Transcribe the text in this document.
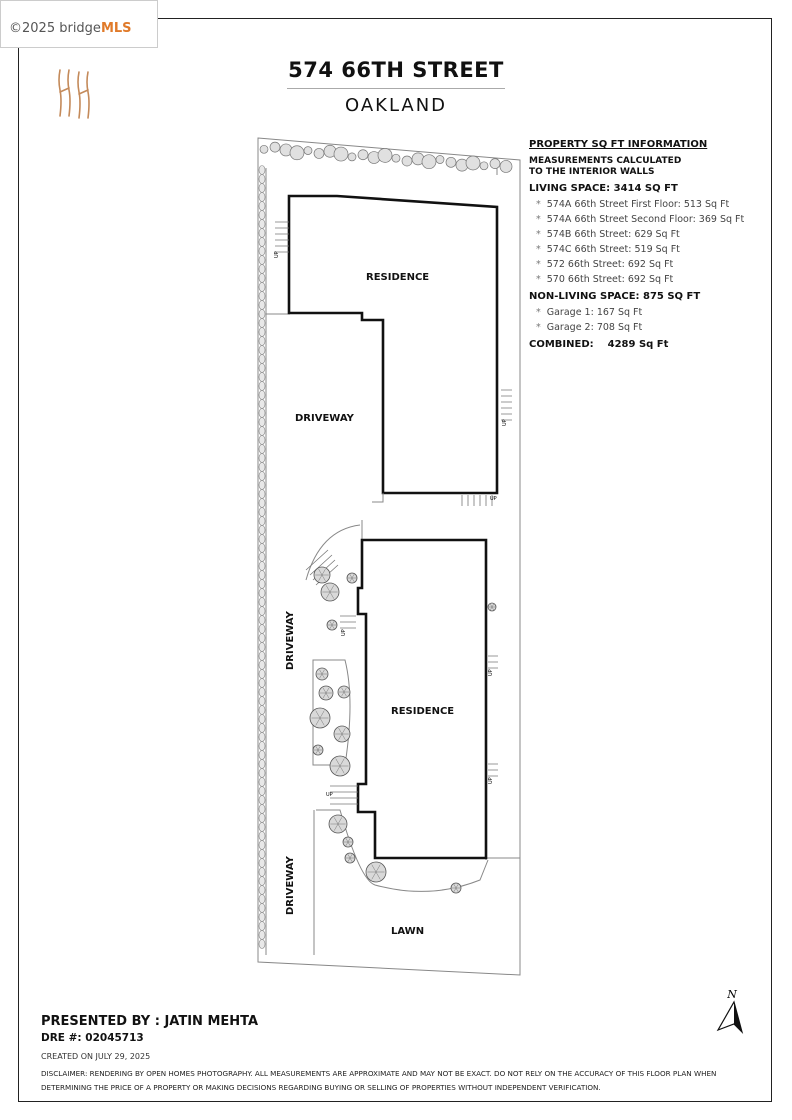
©2025 bridgeMLS
574 66TH STREET
OAKLAND
PROPERTY SQ FT INFORMATION
MEASUREMENTS CALCULATED
TO THE INTERIOR WALLS
LIVING SPACE: 3414 SQ FT
* 574A 66th Street First Floor: 513 Sq Ft
* 574A 66th Street Second Floor: 369 Sq Ft
* 574B 66th Street: 629 Sq Ft
* 574C 66th Street: 519 Sq Ft
* 572 66th Street: 692 Sq Ft
* 570 66th Street: 692 Sq Ft
NON-LIVING SPACE: 875 SQ FT
* Garage 1: 167 Sq Ft
* Garage 2: 708 Sq Ft
COMBINED: 4289 Sq Ft
RESIDENCE
DRIVEWAY
UP
UP
UP
RESIDENCE
DRIVEWAY
DRIVEWAY
LAWN
UP
UP
UP
UP
PRESENTED BY : JATIN MEHTA
DRE #: 02045713
CREATED ON JULY 29, 2025
DISCLAIMER: RENDERING BY OPEN HOMES PHOTOGRAPHY. ALL MEASUREMENTS ARE APPROXIMATE AND MAY NOT BE EXACT. DO NOT RELY ON THE ACCURACY OF THIS FLOOR PLAN WHEN DETERMINING THE PRICE OF A PROPERTY OR MAKING DECISIONS REGARDING BUYING OR SELLING OF PROPERTIES WITHOUT INDEPENDENT VERIFICATION.
N
